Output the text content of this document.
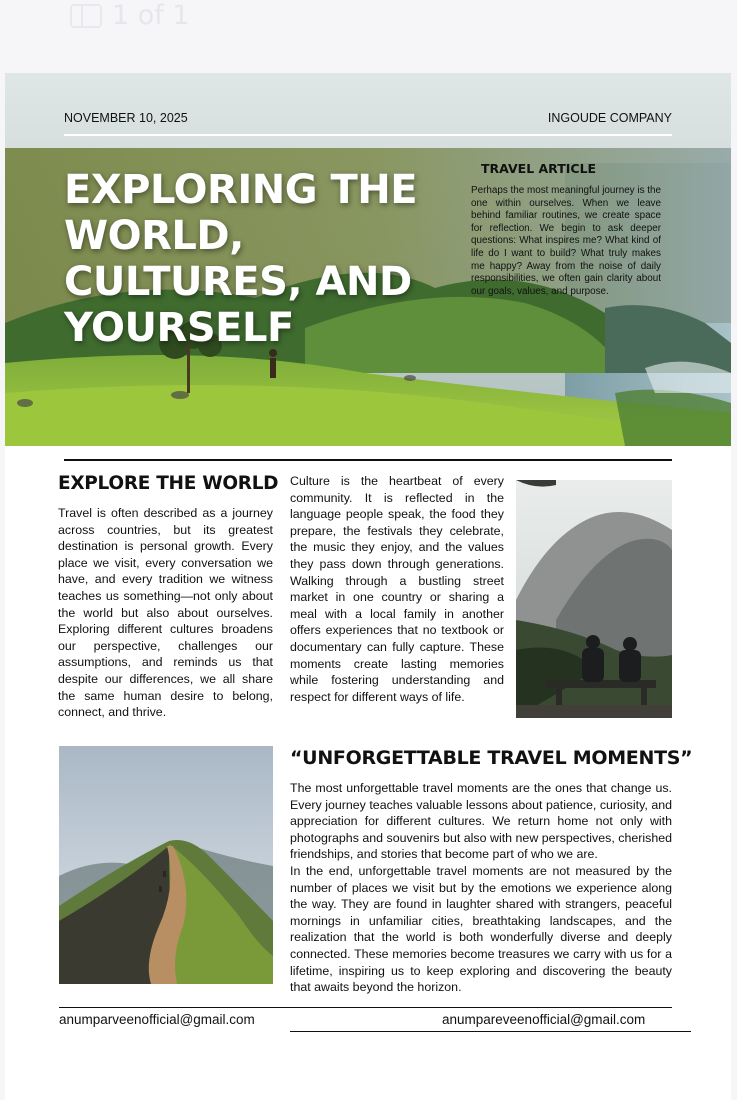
1 of 1
NOVEMBER 10, 2025	INGOUDE COMPANY
EXPLORING THE WORLD, CULTURES, AND YOURSELF
TRAVEL ARTICLE

Perhaps the most meaningful journey is the one within ourselves. When we leave behind familiar routines, we create space for reflection. We begin to ask deeper questions: What inspires me? What kind of life do I want to build? What truly makes me happy? Away from the noise of daily responsibilities, we often gain clarity about our goals, values, and purpose.

EXPLORE THE WORLD

Travel is often described as a journey across countries, but its greatest destination is personal growth. Every place we visit, every conversation we have, and every tradition we witness teaches us something—not only about the world but also about ourselves. Exploring different cultures broadens our perspective, challenges our assumptions, and reminds us that despite our differences, we all share the same human desire to belong, connect, and thrive.

Culture is the heartbeat of every community. It is reflected in the language people speak, the food they prepare, the festivals they celebrate, the music they enjoy, and the values they pass down through generations. Walking through a bustling street market in one country or sharing a meal with a local family in another offers experiences that no textbook or documentary can fully capture. These moments create lasting memories while fostering understanding and respect for different ways of life.

“UNFORGETTABLE TRAVEL MOMENTS”

The most unforgettable travel moments are the ones that change us. Every journey teaches valuable lessons about patience, curiosity, and appreciation for different cultures. We return home not only with photographs and souvenirs but also with new perspectives, cherished friendships, and stories that become part of who we are.

In the end, unforgettable travel moments are not measured by the number of places we visit but by the emotions we experience along the way. They are found in laughter shared with strangers, peaceful mornings in unfamiliar cities, breathtaking landscapes, and the realization that the world is both wonderfully diverse and deeply connected. These memories become treasures we carry with us for a lifetime, inspiring us to keep exploring and discovering the beauty that awaits beyond the horizon.

anumparveenofficial@gmail.com	anumpareveenofficial@gmail.com
